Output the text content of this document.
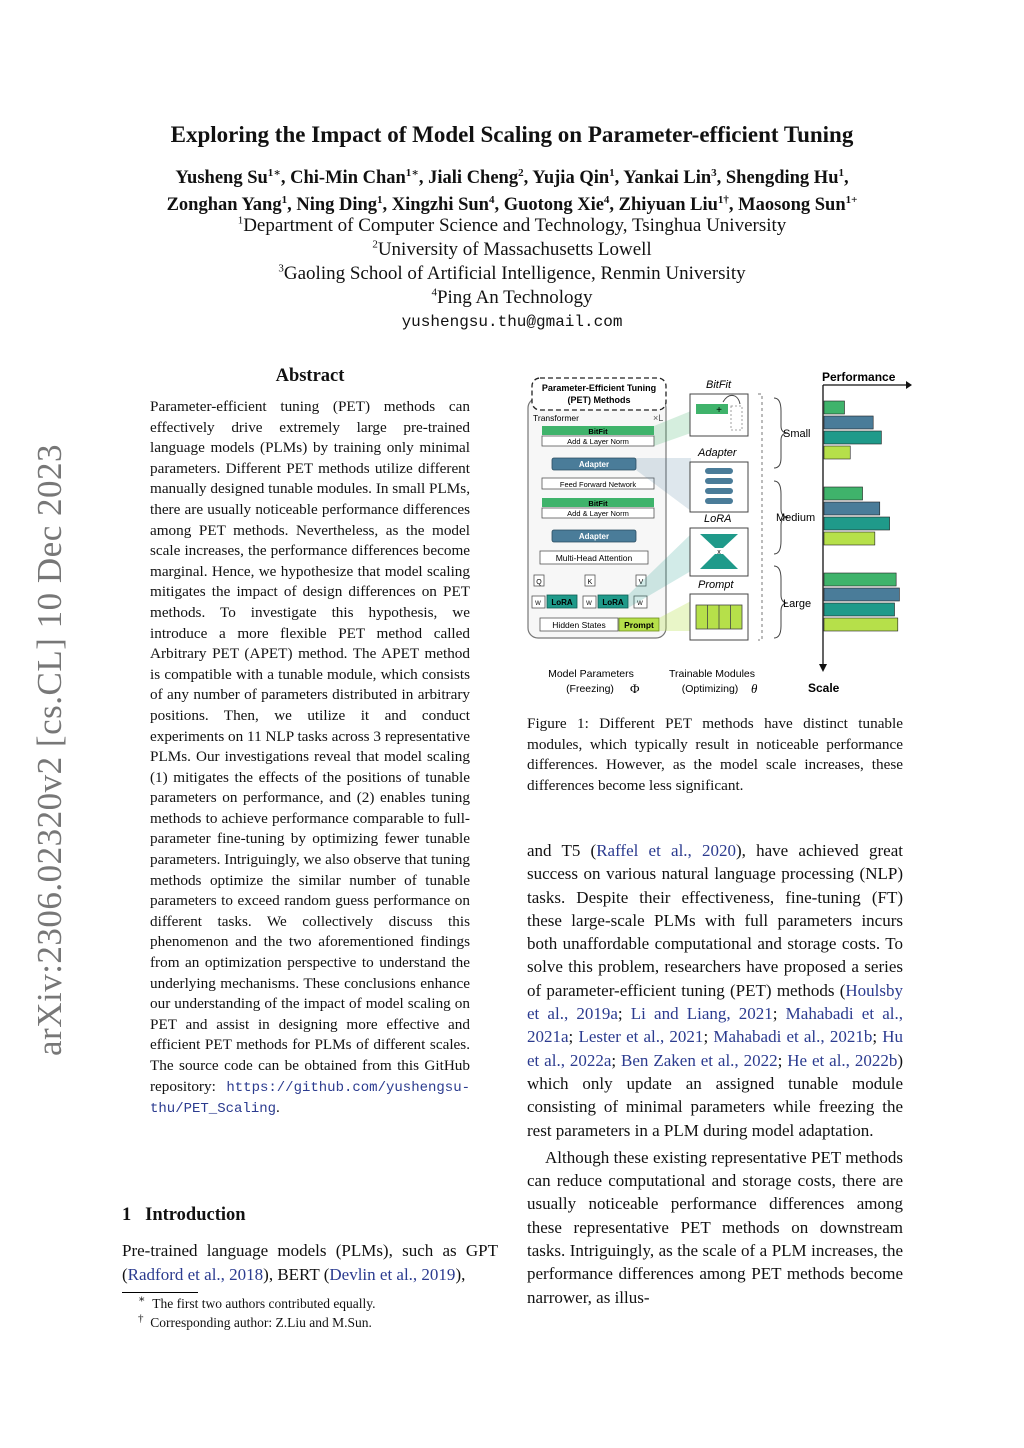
arXiv:2306.02320v2 [cs.CL] 10 Dec 2023
Exploring the Impact of Model Scaling on Parameter-efficient Tuning
Yusheng $Su^{1∗}$, Chi-Min Chan$^{1∗}$, Jiali Cheng$^2$, Yujia Qin$^1$, Yankai Lin$^3$, Shengding Hu$^1$,
Zonghan Yang$^1$, Ning Ding$^1$, Xingzhi Sun$^4$, Guotong Xie$^4$, Zhiyuan Liu$^{1\dagger}$, Maosong Sun$^{1+}$
$^1$Department of Computer Science and Technology, Tsinghua University
$^2$University of Massachusetts Lowell
$^3$Gaoling School of Artificial Intelligence, Renmin University
$^4$Ping An Technology
yushengsu.thu@gmail.com
Abstract

Parameter-efficient tuning (PET) methods can effectively drive extremely large pre-trained language models (PLMs) by training only minimal parameters. Different PET methods utilize different manually designed tunable modules. In small PLMs, there are usually noticeable performance differences among PET methods. Nevertheless, as the model scale increases, the performance differences become marginal. Hence, we hypothesize that model scaling mitigates the impact of design differences on PET methods. To investigate this hypothesis, we introduce a more flexible PET method called Arbitrary PET (APET) method. The APET method is compatible with a tunable module, which consists of any number of parameters distributed in arbitrary positions. Then, we utilize it and conduct experiments on 11 NLP tasks across 3 representative PLMs. Our investigations reveal that model scaling (1) mitigates the effects of the positions of tunable parameters on performance, and (2) enables tuning methods to achieve performance comparable to full-parameter fine-tuning by optimizing fewer tunable parameters. Intriguingly, we also observe that tuning methods optimize the similar number of tunable parameters to exceed random guess performance on different tasks. We collectively discuss this phenomenon and the two aforementioned findings from an optimization perspective to understand the underlying mechanisms. These conclusions enhance our understanding of the impact of model scaling on PET and assist in designing more effective and efficient PET methods for PLMs of different scales. The source code can be obtained from this GitHub repository: https://github.com/yushengsu-thu/PET_Scaling.

1 Introduction

Pre-trained language models (PLMs), such as GPT (Radford et al., 2018), BERT (Devlin et al., 2019),

∗ The first two authors contributed equally.
† Corresponding author: Z.Liu and M.Sun.
Parameter-Efficient Tuning
(PET) Methods
Transformer	×L
BitFit
Add & Layer Norm
Adapter
Feed Forward Network
BitFit
Add & Layer Norm
Adapter
Multi-Head Attention
Q	K	V
W LoRA W LoRA W
Hidden States Prompt
BitFit
+
Adapter
LoRA
x
Prompt
Small
Medium
Large
Performance
Scale
Model Parameters
(Freezing) Φ
Trainable Modules
(Optimizing) θ

Figure 1: Different PET methods have distinct tunable modules, which typically result in noticeable performance differences. However, as the model scale increases, these differences become less significant.

and T5 (Raffel et al., 2020), have achieved great success on various natural language processing (NLP) tasks. Despite their effectiveness, fine-tuning (FT) these large-scale PLMs with full parameters incurs both unaffordable computational and storage costs. To solve this problem, researchers have proposed a series of parameter-efficient tuning (PET) methods (Houlsby et al., 2019a; Li and Liang, 2021; Mahabadi et al., 2021a; Lester et al., 2021; Mahabadi et al., 2021b; Hu et al., 2022a; Ben Zaken et al., 2022; He et al., 2022b) which only update an assigned tunable module consisting of minimal parameters while freezing the rest parameters in a PLM during model adaptation.

Although these existing representative PET methods can reduce computational and storage costs, there are usually noticeable performance differences among these representative PET methods on downstream tasks. Intriguingly, as the scale of a PLM increases, the performance differences among PET methods become narrower, as illus-
